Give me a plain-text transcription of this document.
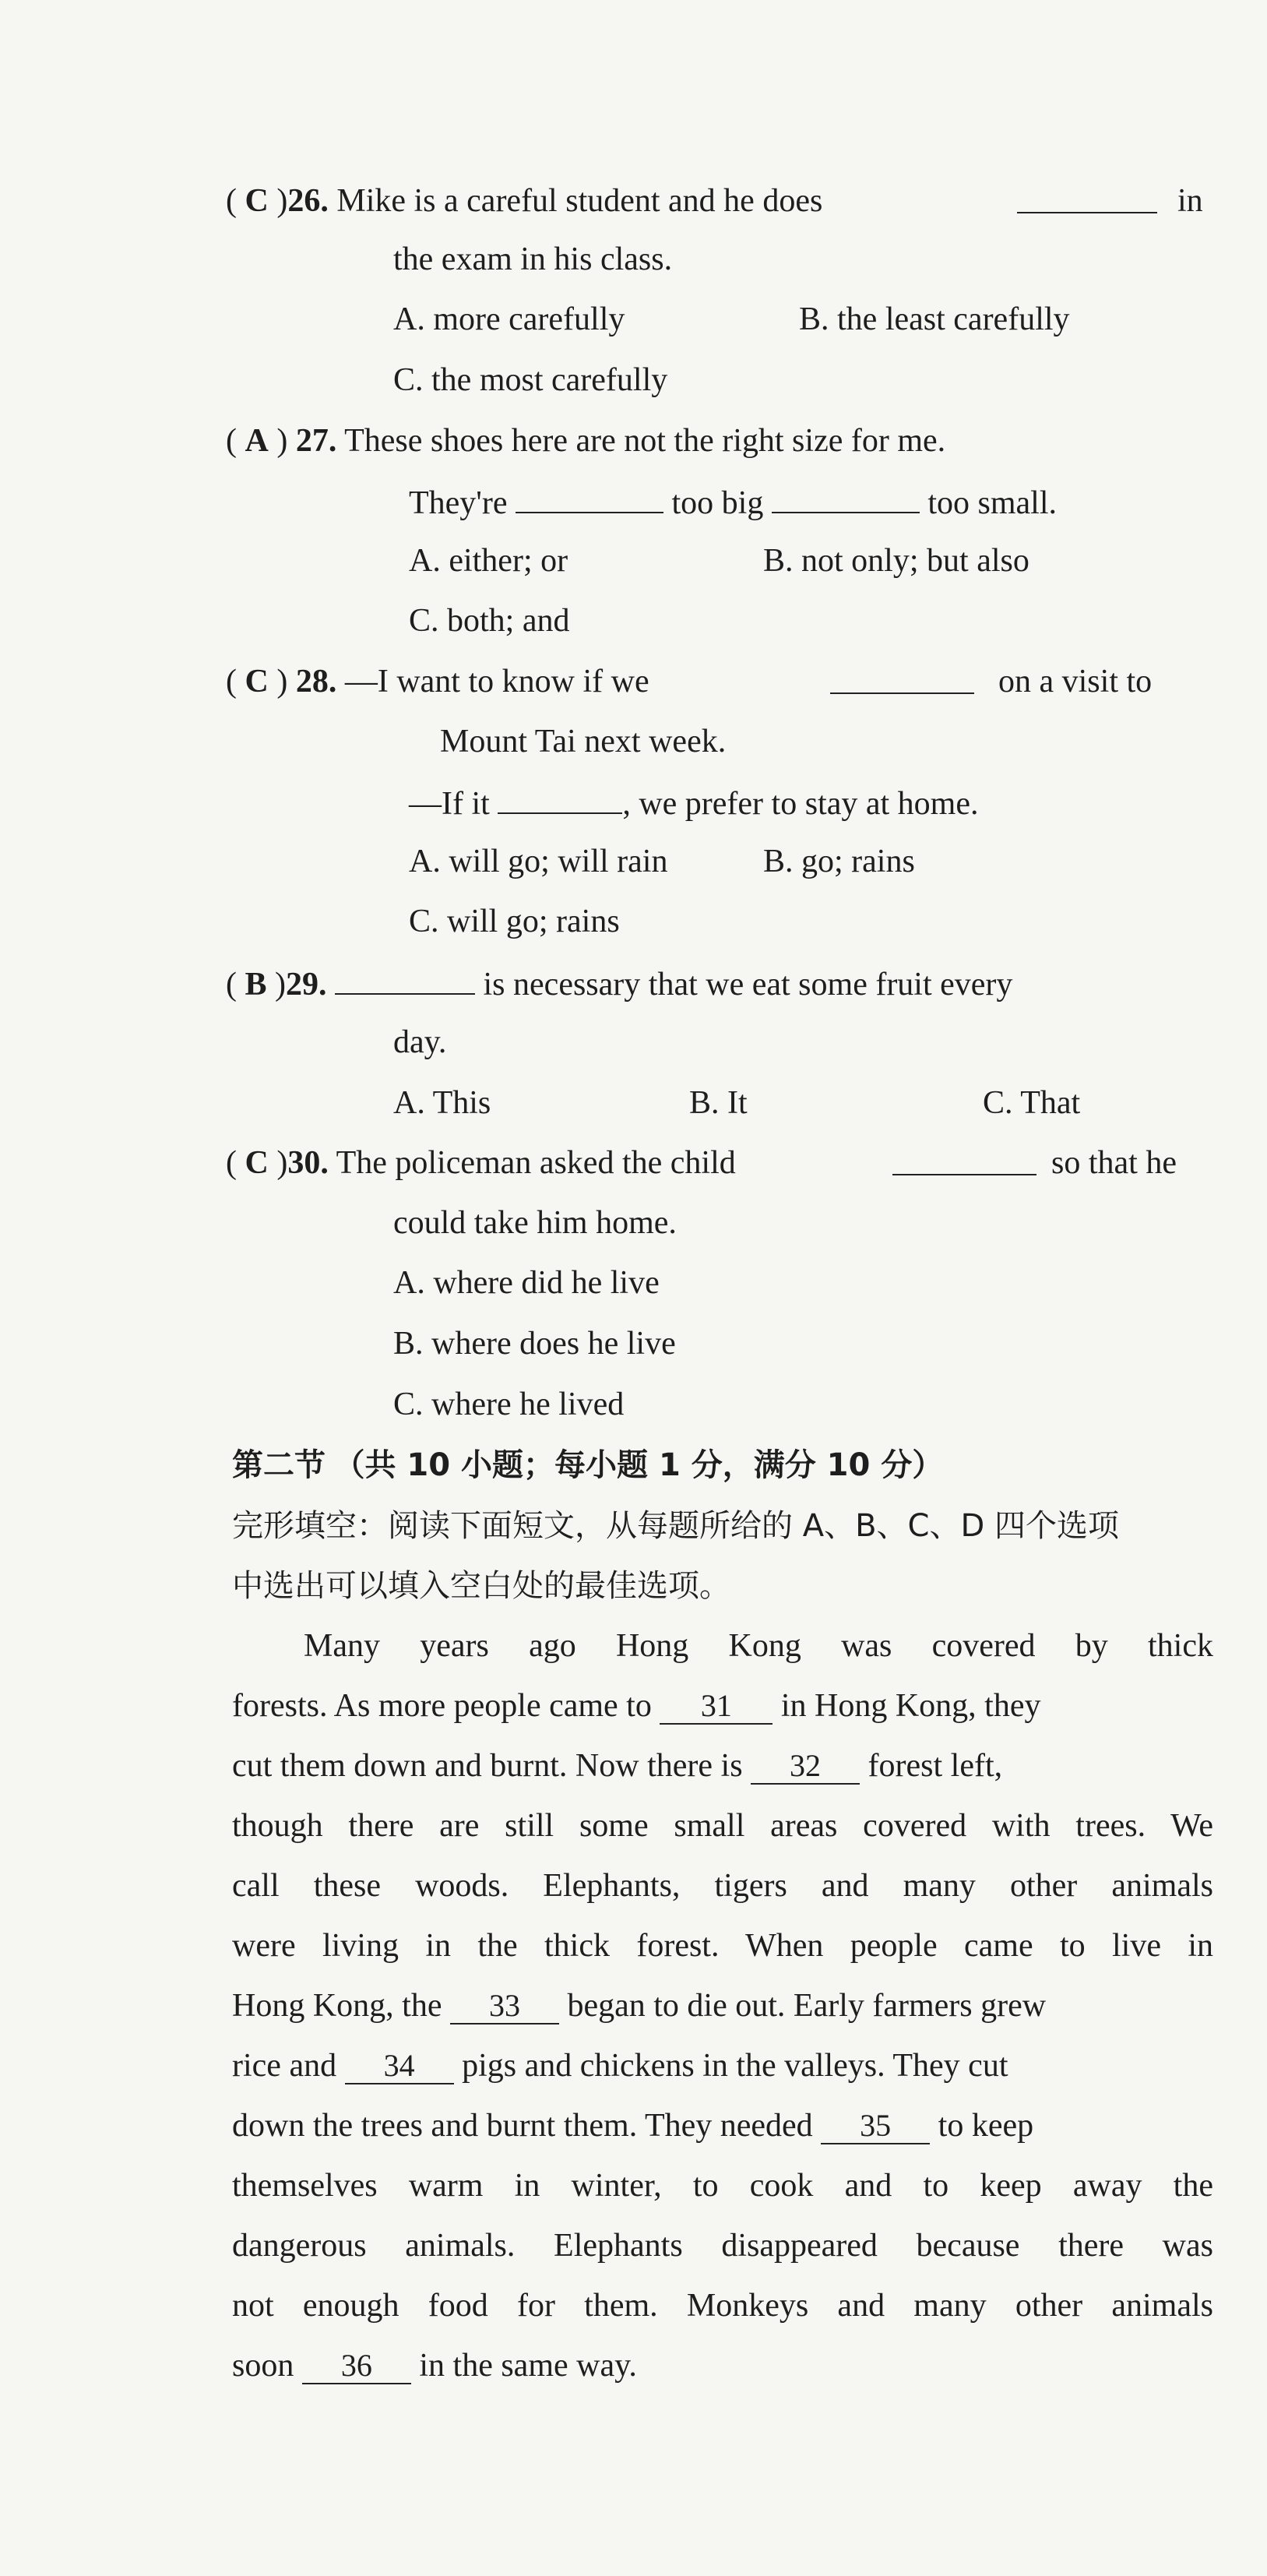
( C )26. Mike is a careful student and he does	in
the exam in his class.
A. more carefully	B. the least carefully
C. the most carefully
( A ) 27. These shoes here are not the right size for me.
They're	too big	too small.
A. either; or	B. not only; but also
C. both; and
( C ) 28. —I want to know if we	on a visit to
Mount Tai next week.
—If it	, we prefer to stay at home.
A. will go; will rain	B. go; rains
C. will go; rains
( B )29.	is necessary that we eat some fruit every
day.
A. This	B. It	C. That
( C )30. The policeman asked the child	so that he
could take him home.
A. where did he live
B. where does he live
C. where he lived
第二节 （共 10 小题；每小题 1 分，满分 10 分）
完形填空：阅读下面短文，从每题所给的 A、B、C、D 四个选项
中选出可以填入空白处的最佳选项。
Many years ago Hong Kong was covered by thick
forests. As more people came to 31 in Hong Kong, they
cut them down and burnt. Now there is 32 forest left,
though there are still some small areas covered with trees. We
call these woods. Elephants, tigers and many other animals
were living in the thick forest. When people came to live in
Hong Kong, the 33 began to die out. Early farmers grew
rice and 34 pigs and chickens in the valleys. They cut
down the trees and burnt them. They needed 35 to keep
themselves warm in winter, to cook and to keep away the
dangerous animals. Elephants disappeared because there was
not enough food for them. Monkeys and many other animals
soon 36 in the same way.
